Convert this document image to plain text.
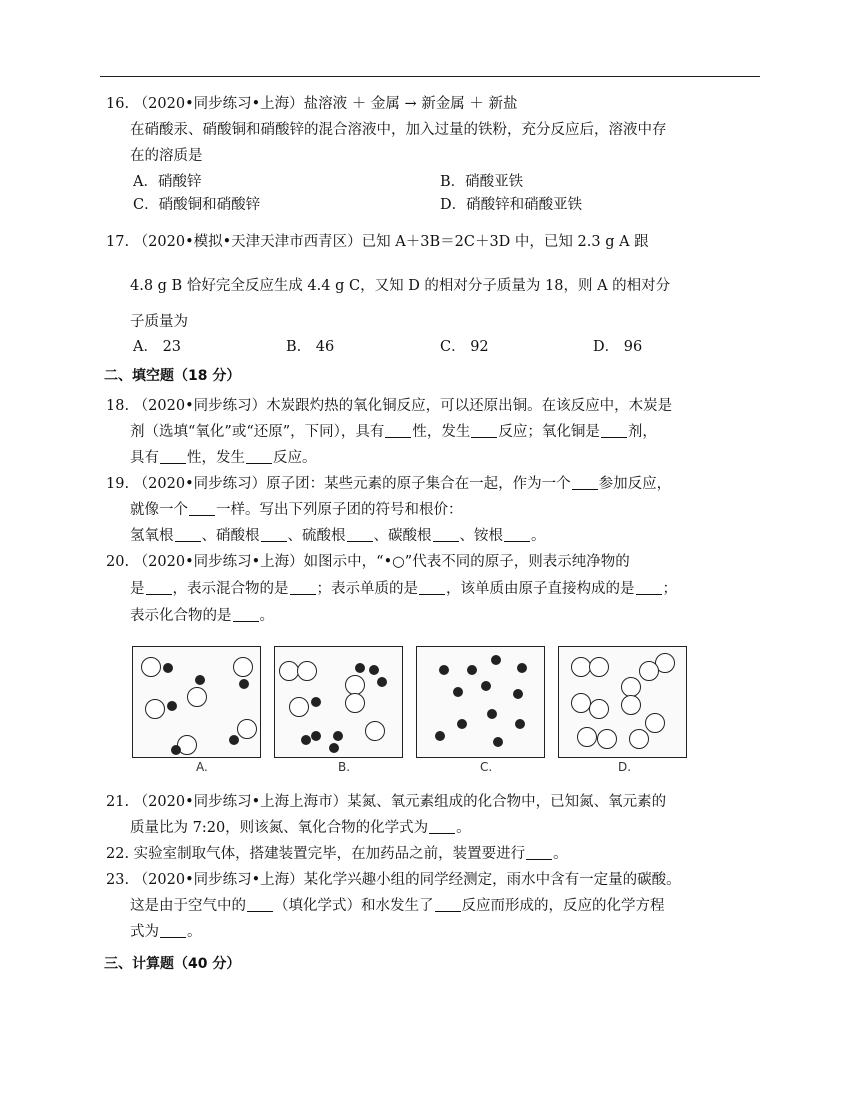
16. （2020•同步练习•上海）盐溶液 ＋ 金属 → 新金属 ＋ 新盐
在硝酸汞、硝酸铜和硝酸锌的混合溶液中，加入过量的铁粉，充分反应后，溶液中存
在的溶质是
A．硝酸锌	B．硝酸亚铁
C．硝酸铜和硝酸锌	D．硝酸锌和硝酸亚铁
17. （2020•模拟•天津天津市西青区）已知 A＋3B＝2C＋3D 中，已知 2.3 g A 跟
4.8 g B 恰好完全反应生成 4.4 g C，又知 D 的相对分子质量为 18，则 A 的相对分
子质量为
A． 23	B． 46	C． 92	D． 96
二、填空题（18 分）
18. （2020•同步练习）木炭跟灼热的氧化铜反应，可以还原出铜。在该反应中，木炭是
剂（选填“氧化”或“还原”，下同），具有 性，发生 反应；氧化铜是 剂，
具有 性，发生 反应。
19. （2020•同步练习）原子团：某些元素的原子集合在一起，作为一个 参加反应，
就像一个 一样。写出下列原子团的符号和根价：
氢氧根 、硝酸根 、硫酸根 、碳酸根 、铵根 。
20. （2020•同步练习•上海）如图示中，“•○”代表不同的原子，则表示纯净物的
是 ，表示混合物的是 ；表示单质的是 ，该单质由原子直接构成的是 ；
表示化合物的是 。
A.	B.	C.	D.
21. （2020•同步练习•上海上海市）某氮、氧元素组成的化合物中，已知氮、氧元素的
质量比为 7:20，则该氮、氧化合物的化学式为 。
22. 实验室制取气体，搭建装置完毕，在加药品之前，装置要进行 。
23. （2020•同步练习•上海）某化学兴趣小组的同学经测定，雨水中含有一定量的碳酸。
这是由于空气中的 （填化学式）和水发生了 反应而形成的，反应的化学方程
式为 。
三、计算题（40 分）
